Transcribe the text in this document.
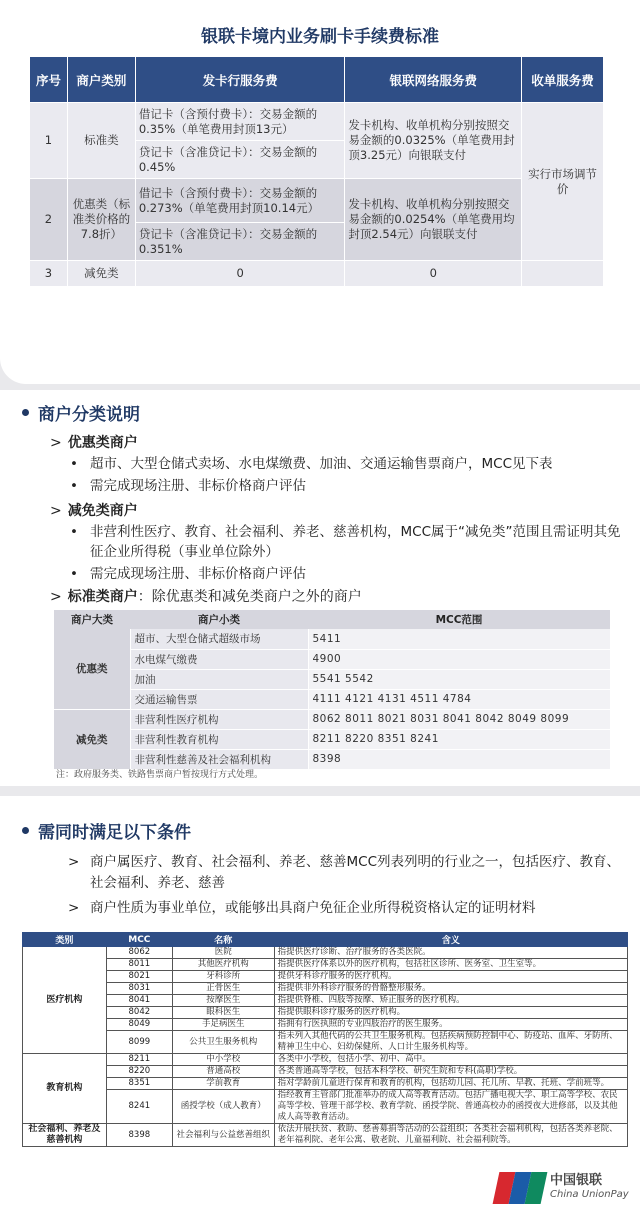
银联卡境内业务刷卡手续费标准
序号	商户类别	发卡行服务费	银联网络服务费	收单服务费
1	标准类	借记卡（含预付费卡）：交易金额的0.35%（单笔费用封顶13元）	发卡机构、收单机构分别按照交易金额的0.0325%（单笔费用封顶3.25元）向银联支付	实行市场调节价
		贷记卡（含准贷记卡）：交易金额的0.45%		
2	优惠类（标准类价格的7.8折）	借记卡（含预付费卡）：交易金额的0.273%（单笔费用封顶10.14元）	发卡机构、收单机构分别按照交易金额的0.0254%（单笔费用均封顶2.54元）向银联支付	
		贷记卡（含准贷记卡）：交易金额的0.351%		
3	减免类	0	0	
商户分类说明
> 优惠类商户
• 超市、大型仓储式卖场、水电煤缴费、加油、交通运输售票商户，MCC见下表
• 需完成现场注册、非标价格商户评估
> 减免类商户
• 非营利性医疗、教育、社会福利、养老、慈善机构，MCC属于“减免类”范围且需证明其免征企业所得税（事业单位除外）
• 需完成现场注册、非标价格商户评估
> 标准类商户：除优惠类和减免类商户之外的商户
商户大类	商户小类	MCC范围
优惠类	超市、大型仓储式超级市场	5411
	水电煤气缴费	4900
	加油	5541 5542
	交通运输售票	4111 4121 4131 4511 4784
减免类	非营利性医疗机构	8062 8011 8021 8031 8041 8042 8049 8099
	非营利性教育机构	8211 8220 8351 8241
	非营利性慈善及社会福利机构	8398
注：政府服务类、铁路售票商户暂按现行方式处理。
需同时满足以下条件
> 商户属医疗、教育、社会福利、养老、慈善MCC列表列明的行业之一，包括医疗、教育、社会福利、养老、慈善
> 商户性质为事业单位，或能够出具商户免征企业所得税资格认定的证明材料
类别	MCC	名称	含义
医疗机构	8062	医院	指提供医疗诊断、治疗服务的各类医院。
	8011	其他医疗机构	指提供医疗体系以外的医疗机构，包括社区诊所、医务室、卫生室等。
	8021	牙科诊所	提供牙科诊疗服务的医疗机构。
	8031	正骨医生	指提供非外科诊疗服务的骨骼整形服务。
	8041	按摩医生	指提供脊椎、四肢等按摩、矫正服务的医疗机构。
	8042	眼科医生	指提供眼科诊疗服务的医疗机构。
	8049	手足病医生	指拥有行医执照的专业四肢治疗的医生服务。
	8099	公共卫生服务机构	指未列入其他代码的公共卫生服务机构。包括疾病预防控制中心、防疫站、血库、牙防所、精神卫生中心、妇幼保健所、人口计生服务机构等。
教育机构	8211	中小学校	各类中小学校，包括小学、初中、高中。
	8220	普通高校	各类普通高等学校，包括本科学校、研究生院和专科(高职)学校。
	8351	学前教育	指对学龄前儿童进行保育和教育的机构，包括幼儿园、托儿所、早教、托班、学前班等。
	8241	函授学校（成人教育）	指经教育主管部门批准举办的成人高等教育活动。包括广播电视大学、职工高等学校、农民高等学校、管理干部学校、教育学院、函授学院、普通高校办的函授夜大进修部，以及其他成人高等教育活动。
社会福利、养老及慈善机构	8398	社会福利与公益慈善组织	依法开展扶贫、救助、慈善募捐等活动的公益组织；各类社会福利机构，包括各类养老院、老年福利院、老年公寓、敬老院、儿童福利院、社会福利院等。
中国银联
China UnionPay
